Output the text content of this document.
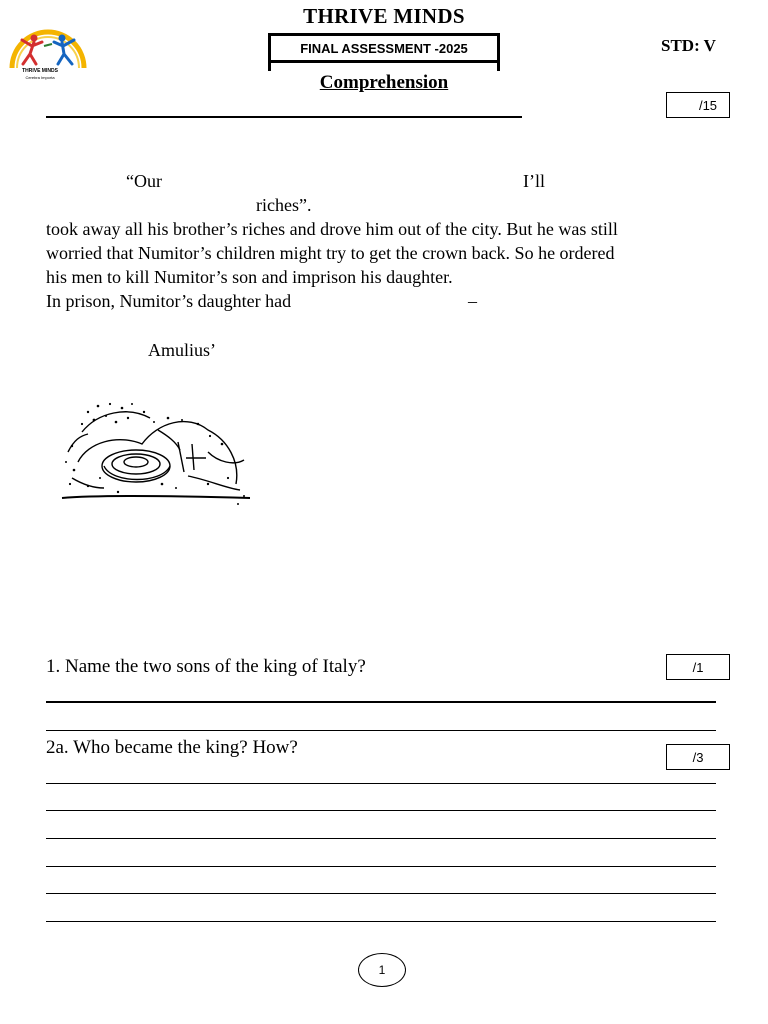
THRIVE MINDS
Cerebra Importa
THRIVE MINDS
FINAL ASSESSMENT -2025	STD: V
Comprehension
/15
“Our	I’ll
riches”.
took away all his brother’s riches and drove him out of the city. But he was still
worried that Numitor’s children might try to get the crown back. So he ordered
his men to kill Numitor’s son and imprison his daughter.
In prison, Numitor’s daughter had	–
Amulius’
1. Name the two sons of the king of Italy?	/1
2a. Who became the king? How?	/3
1
